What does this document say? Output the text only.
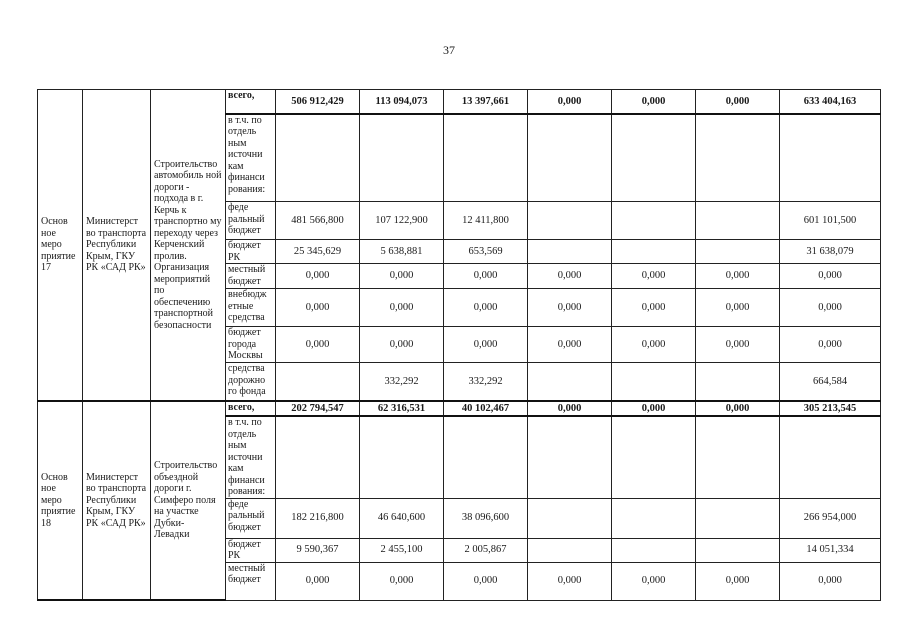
37
Основ ное меро приятие 17	Министерст во транспорта Республики Крым, ГКУ РК «САД РК»	Строительство автомобиль ной дороги - подхода в г. Керчь к транспортно му переходу через Керченский пролив. Организация мероприятий по обеспечению транспортной безопасности	всего,	506 912,429	113 094,073	13 397,661	0,000	0,000	0,000	633 404,163
			в т.ч. по отдель ным источни кам финанси рования:							
			феде ральный бюджет	481 566,800	107 122,900	12 411,800				601 101,500
			бюджет РК	25 345,629	5 638,881	653,569				31 638,079
			местный бюджет	0,000	0,000	0,000	0,000	0,000	0,000	0,000
			внебюдж етные средства	0,000	0,000	0,000	0,000	0,000	0,000	0,000
			бюджет города Москвы	0,000	0,000	0,000	0,000	0,000	0,000	0,000
			средства дорожно го фонда		332,292	332,292				664,584
Основ ное меро приятие 18	Министерст во транспорта Республики Крым, ГКУ РК «САД РК»	Строительство объездной дороги г. Симферо поля на участке Дубки- Левадки	всего,	202 794,547	62 316,531	40 102,467	0,000	0,000	0,000	305 213,545
			в т.ч. по отдель ным источни кам финанси рования:							
			феде ральный бюджет	182 216,800	46 640,600	38 096,600				266 954,000
			бюджет РК	9 590,367	2 455,100	2 005,867				14 051,334
			местный бюджет	0,000	0,000	0,000	0,000	0,000	0,000	0,000
